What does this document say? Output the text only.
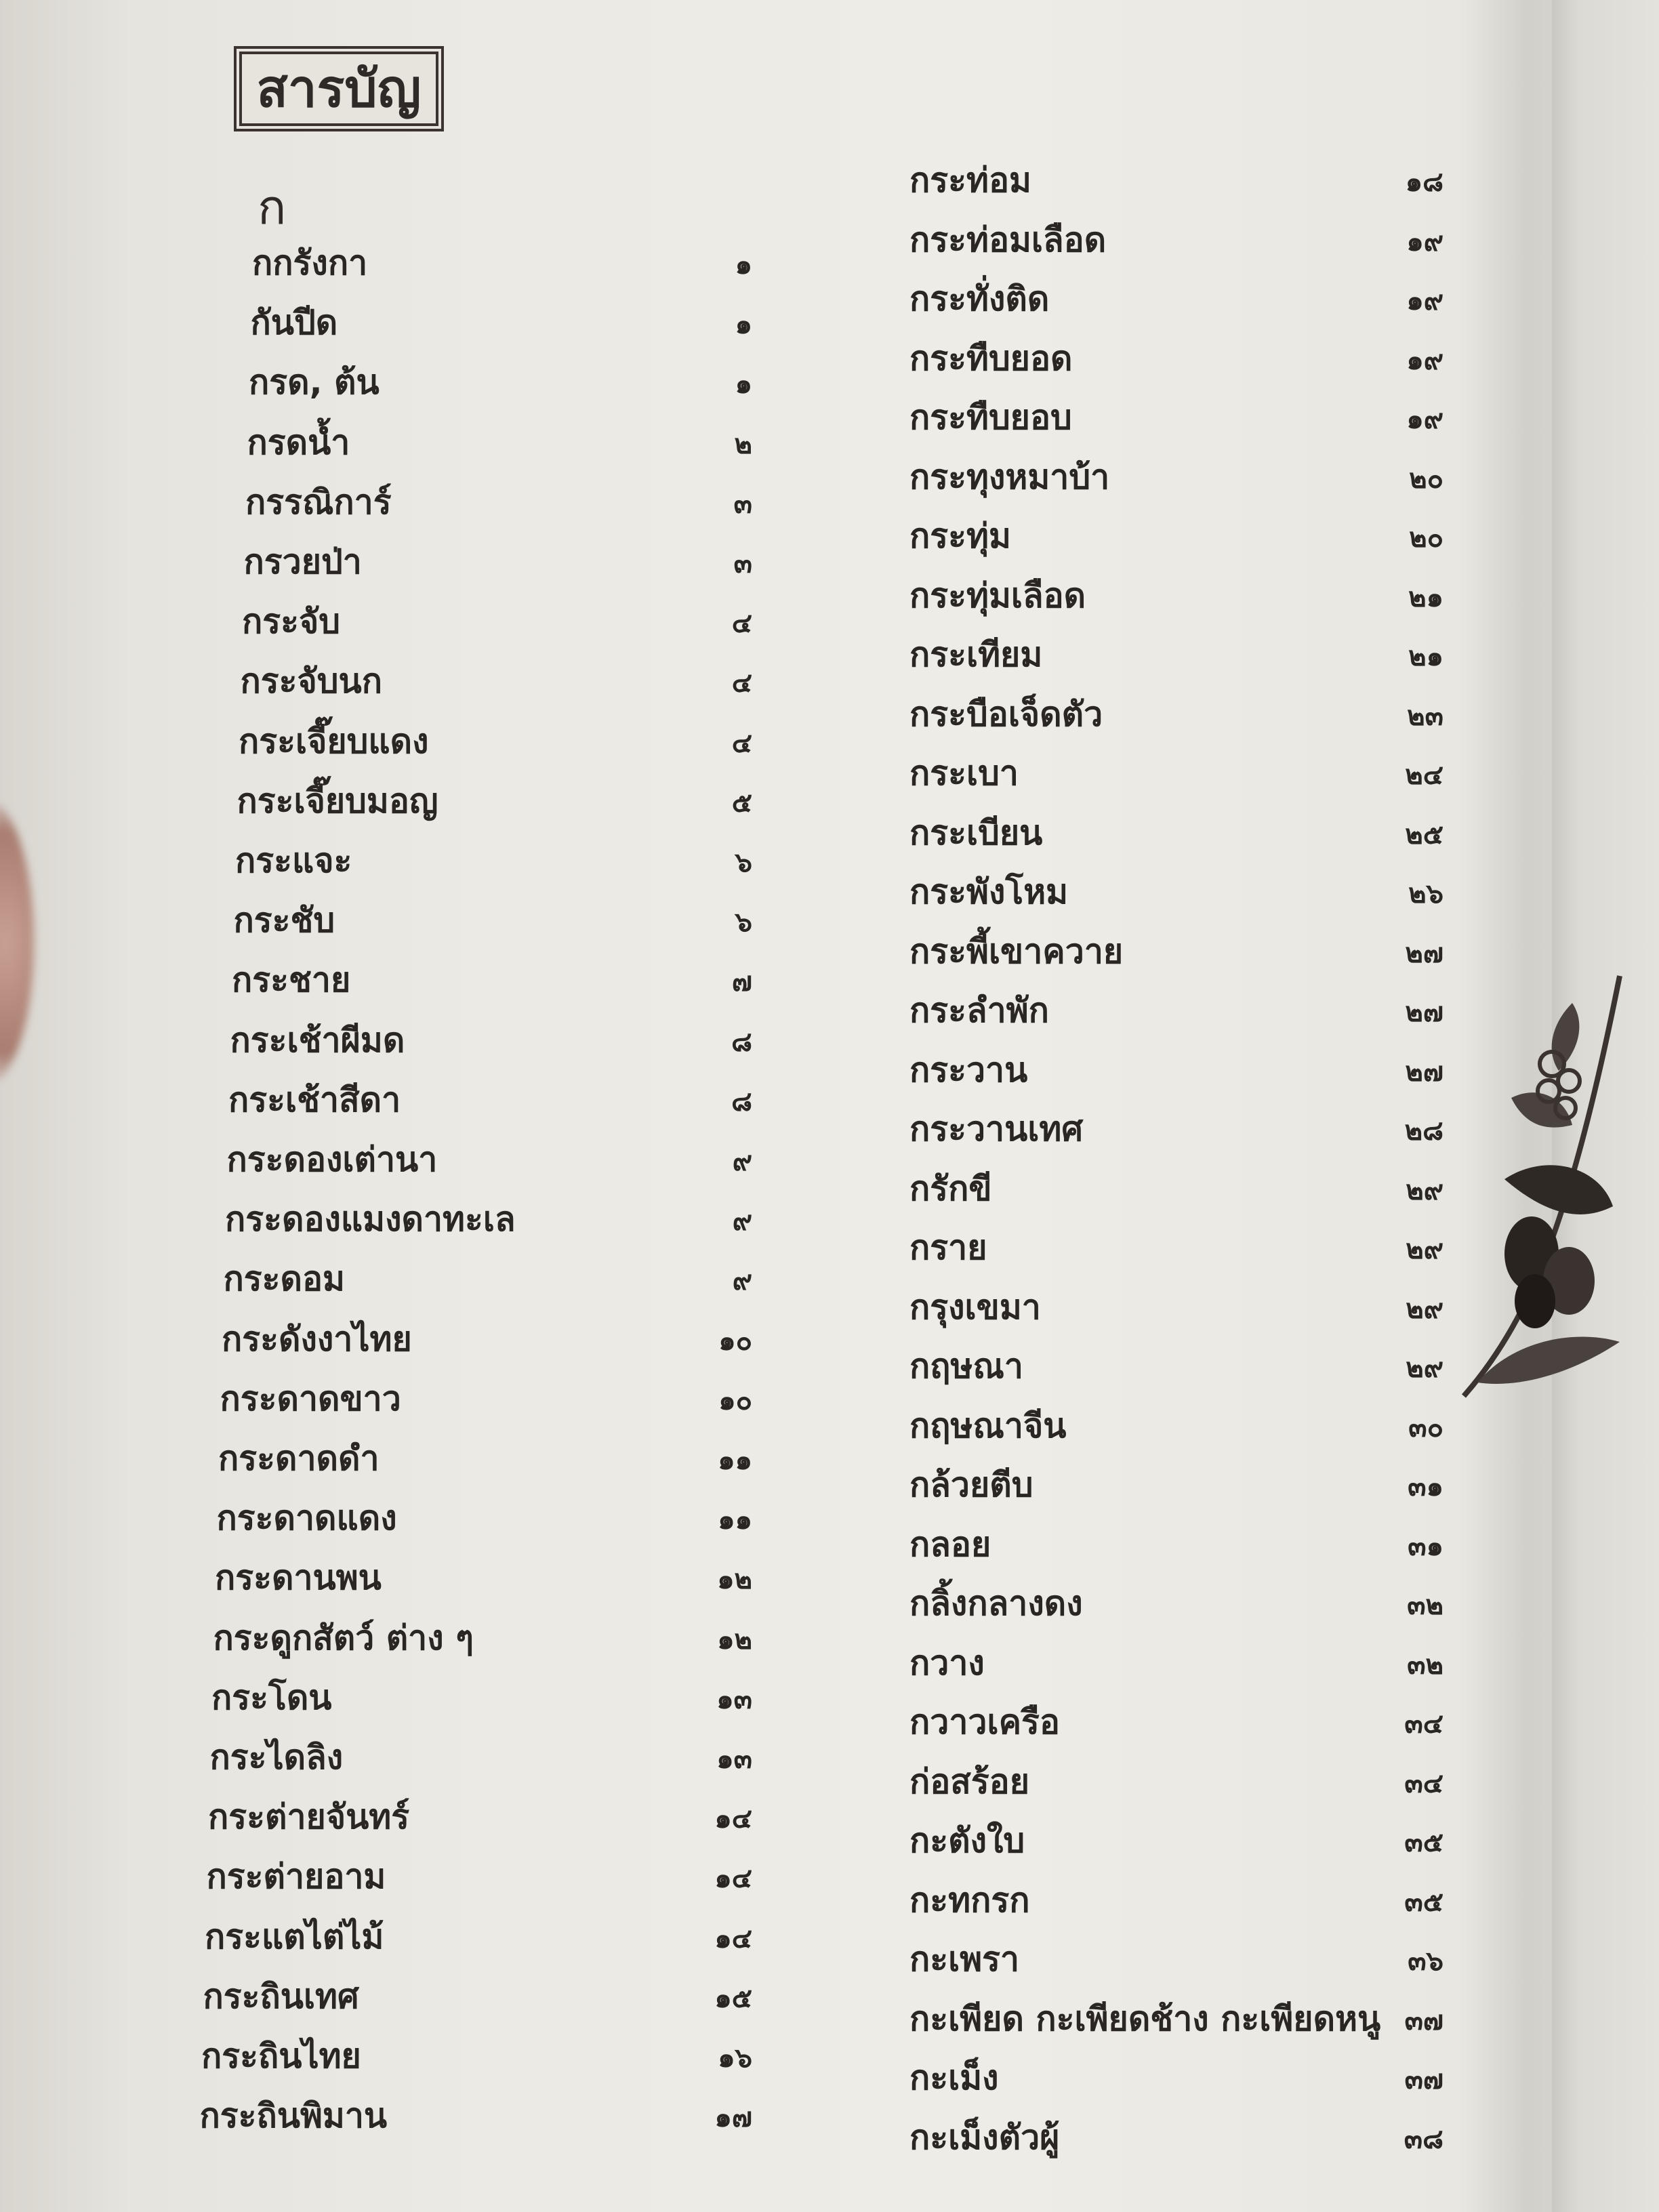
สารบัญ
ก
กกรังกา	๑
กันปีด	๑
กรด, ต้น	๑
กรดน้ำ	๒
กรรณิการ์	๓
กรวยป่า	๓
กระจับ	๔
กระจับนก	๔
กระเจี๊ยบแดง	๔
กระเจี๊ยบมอญ	๕
กระแจะ	๖
กระชับ	๖
กระชาย	๗
กระเช้าผีมด	๘
กระเช้าสีดา	๘
กระดองเต่านา	๙
กระดองแมงดาทะเล	๙
กระดอม	๙
กระดังงาไทย	๑๐
กระดาดขาว	๑๐
กระดาดดำ	๑๑
กระดาดแดง	๑๑
กระดานพน	๑๒
กระดูกสัตว์ ต่าง ๆ	๑๒
กระโดน	๑๓
กระไดลิง	๑๓
กระต่ายจันทร์	๑๔
กระต่ายอาม	๑๔
กระแตไต่ไม้	๑๔
กระถินเทศ	๑๕
กระถินไทย	๑๖
กระถินพิมาน	๑๗
กระท่อม	๑๘
กระท่อมเลือด	๑๙
กระทั่งติด	๑๙
กระทืบยอด	๑๙
กระทืบยอบ	๑๙
กระทุงหมาบ้า	๒๐
กระทุ่ม	๒๐
กระทุ่มเลือด	๒๑
กระเทียม	๒๑
กระบือเจ็ดตัว	๒๓
กระเบา	๒๔
กระเบียน	๒๕
กระพังโหม	๒๖
กระพี้เขาควาย	๒๗
กระลำพัก	๒๗
กระวาน	๒๗
กระวานเทศ	๒๘
กรักขี	๒๙
กราย	๒๙
กรุงเขมา	๒๙
กฤษณา	๒๙
กฤษณาจีน	๓๐
กล้วยตีบ	๓๑
กลอย	๓๑
กลิ้งกลางดง	๓๒
กวาง	๓๒
กวาวเครือ	๓๔
ก่อสร้อย	๓๔
กะตังใบ	๓๕
กะทกรก	๓๕
กะเพรา	๓๖
กะเพียด กะเพียดช้าง กะเพียดหนู ๓๗
กะเม็ง	๓๗
กะเม็งตัวผู้	๓๘
